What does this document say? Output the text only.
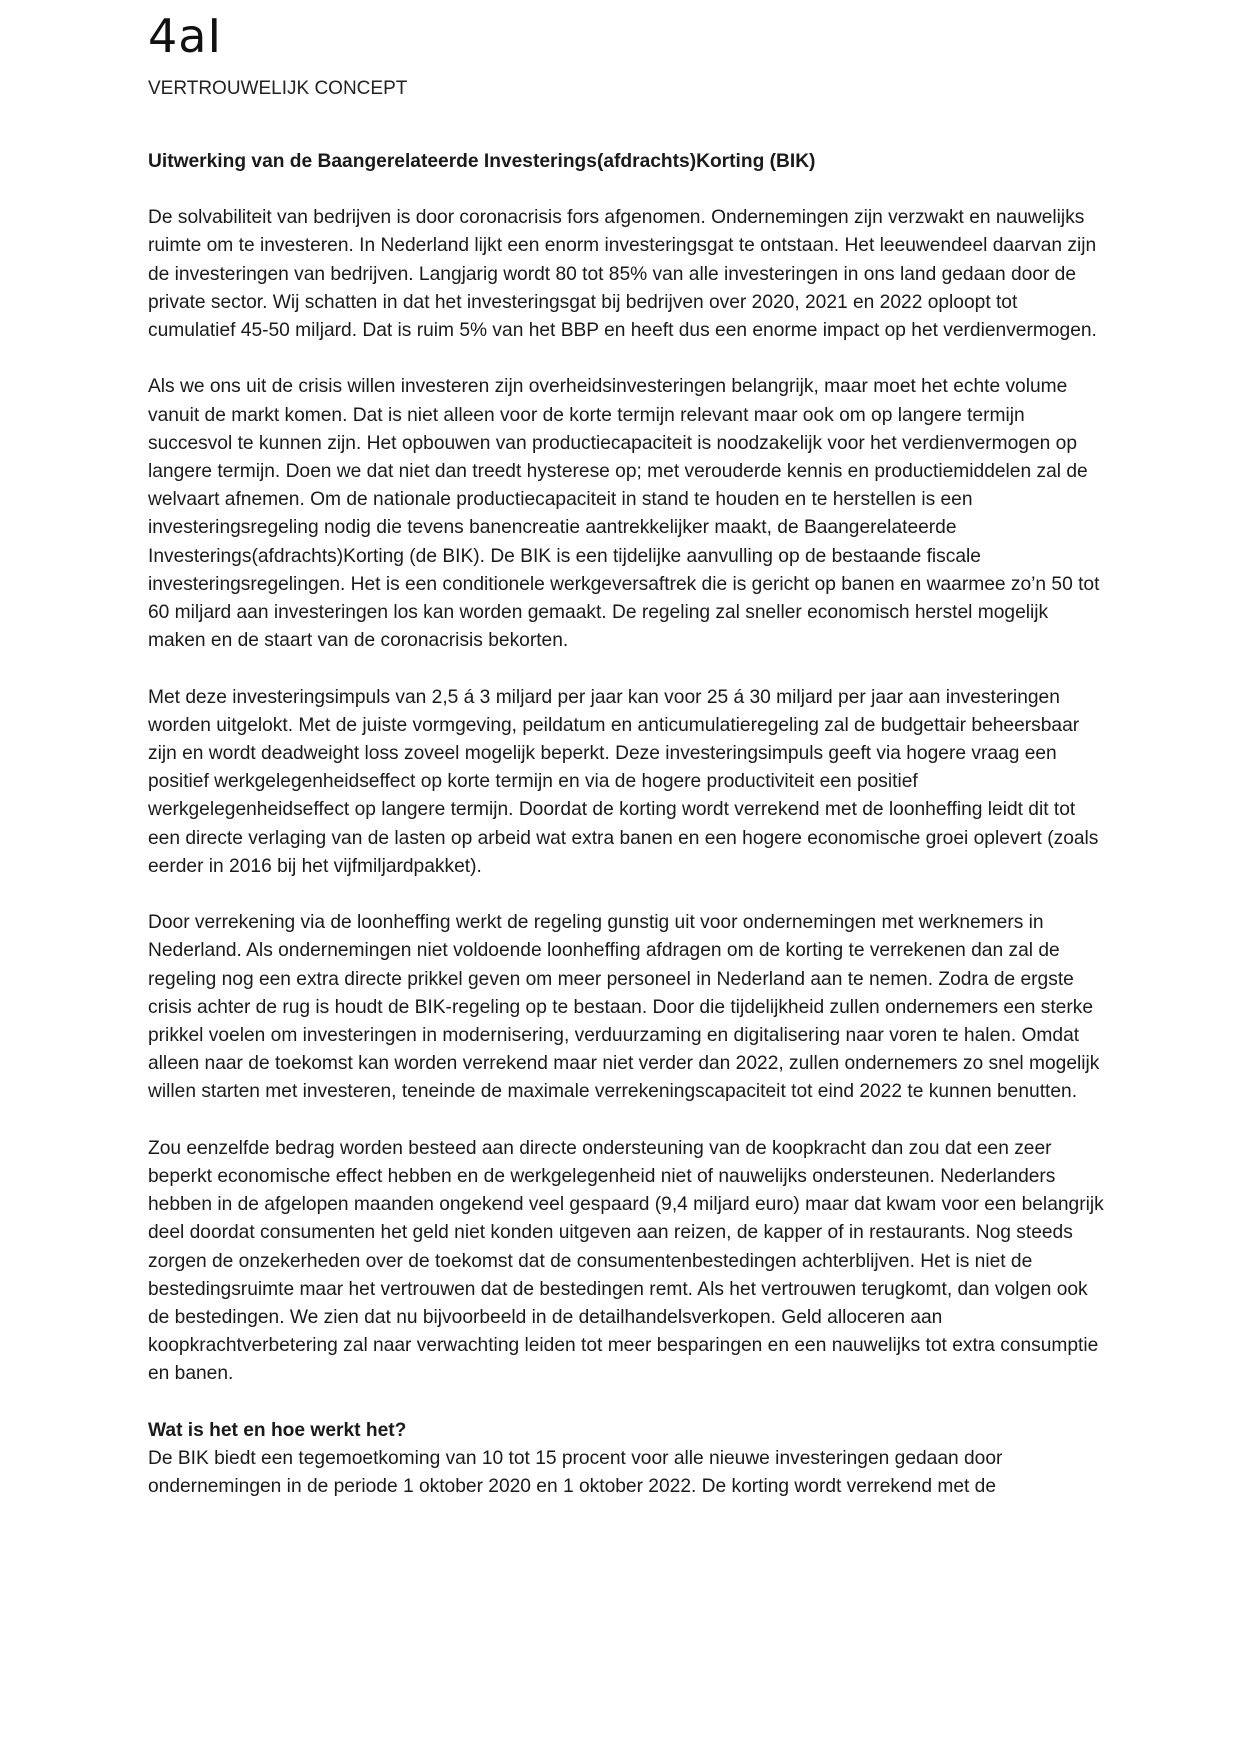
4aI
VERTROUWELIJK CONCEPT

Uitwerking van de Baangerelateerde Investerings(afdrachts)Korting (BIK)

De solvabiliteit van bedrijven is door coronacrisis fors afgenomen. Ondernemingen zijn verzwakt en nauwelijks ruimte om te investeren. In Nederland lijkt een enorm investeringsgat te ontstaan. Het leeuwendeel daarvan zijn de investeringen van bedrijven. Langjarig wordt 80 tot 85% van alle investeringen in ons land gedaan door de private sector. Wij schatten in dat het investeringsgat bij bedrijven over 2020, 2021 en 2022 oploopt tot cumulatief 45-50 miljard. Dat is ruim 5% van het BBP en heeft dus een enorme impact op het verdienvermogen.

Als we ons uit de crisis willen investeren zijn overheidsinvesteringen belangrijk, maar moet het echte volume vanuit de markt komen. Dat is niet alleen voor de korte termijn relevant maar ook om op langere termijn succesvol te kunnen zijn. Het opbouwen van productiecapaciteit is noodzakelijk voor het verdienvermogen op langere termijn. Doen we dat niet dan treedt hysterese op; met verouderde kennis en productiemiddelen zal de welvaart afnemen. Om de nationale productiecapaciteit in stand te houden en te herstellen is een investeringsregeling nodig die tevens banencreatie aantrekkelijker maakt, de Baangerelateerde Investerings(afdrachts)Korting (de BIK). De BIK is een tijdelijke aanvulling op de bestaande fiscale investeringsregelingen. Het is een conditionele werkgeversaftrek die is gericht op banen en waarmee zo’n 50 tot 60 miljard aan investeringen los kan worden gemaakt. De regeling zal sneller economisch herstel mogelijk maken en de staart van de coronacrisis bekorten.

Met deze investeringsimpuls van 2,5 á 3 miljard per jaar kan voor 25 á 30 miljard per jaar aan investeringen worden uitgelokt. Met de juiste vormgeving, peildatum en anticumulatieregeling zal de budgettair beheersbaar zijn en wordt deadweight loss zoveel mogelijk beperkt. Deze investeringsimpuls geeft via hogere vraag een positief werkgelegenheidseffect op korte termijn en via de hogere productiviteit een positief werkgelegenheidseffect op langere termijn. Doordat de korting wordt verrekend met de loonheffing leidt dit tot een directe verlaging van de lasten op arbeid wat extra banen en een hogere economische groei oplevert (zoals eerder in 2016 bij het vijfmiljardpakket).

Door verrekening via de loonheffing werkt de regeling gunstig uit voor ondernemingen met werknemers in Nederland. Als ondernemingen niet voldoende loonheffing afdragen om de korting te verrekenen dan zal de regeling nog een extra directe prikkel geven om meer personeel in Nederland aan te nemen. Zodra de ergste crisis achter de rug is houdt de BIK-regeling op te bestaan. Door die tijdelijkheid zullen ondernemers een sterke prikkel voelen om investeringen in modernisering, verduurzaming en digitalisering naar voren te halen. Omdat alleen naar de toekomst kan worden verrekend maar niet verder dan 2022, zullen ondernemers zo snel mogelijk willen starten met investeren, teneinde de maximale verrekeningscapaciteit tot eind 2022 te kunnen benutten.

Zou eenzelfde bedrag worden besteed aan directe ondersteuning van de koopkracht dan zou dat een zeer beperkt economische effect hebben en de werkgelegenheid niet of nauwelijks ondersteunen. Nederlanders hebben in de afgelopen maanden ongekend veel gespaard (9,4 miljard euro) maar dat kwam voor een belangrijk deel doordat consumenten het geld niet konden uitgeven aan reizen, de kapper of in restaurants. Nog steeds zorgen de onzekerheden over de toekomst dat de consumentenbestedingen achterblijven. Het is niet de bestedingsruimte maar het vertrouwen dat de bestedingen remt. Als het vertrouwen terugkomt, dan volgen ook de bestedingen. We zien dat nu bijvoorbeeld in de detailhandelsverkopen. Geld alloceren aan koopkrachtverbetering zal naar verwachting leiden tot meer besparingen en een nauwelijks tot extra consumptie en banen.

Wat is het en hoe werkt het?

De BIK biedt een tegemoetkoming van 10 tot 15 procent voor alle nieuwe investeringen gedaan door ondernemingen in de periode 1 oktober 2020 en 1 oktober 2022. De korting wordt verrekend met de
